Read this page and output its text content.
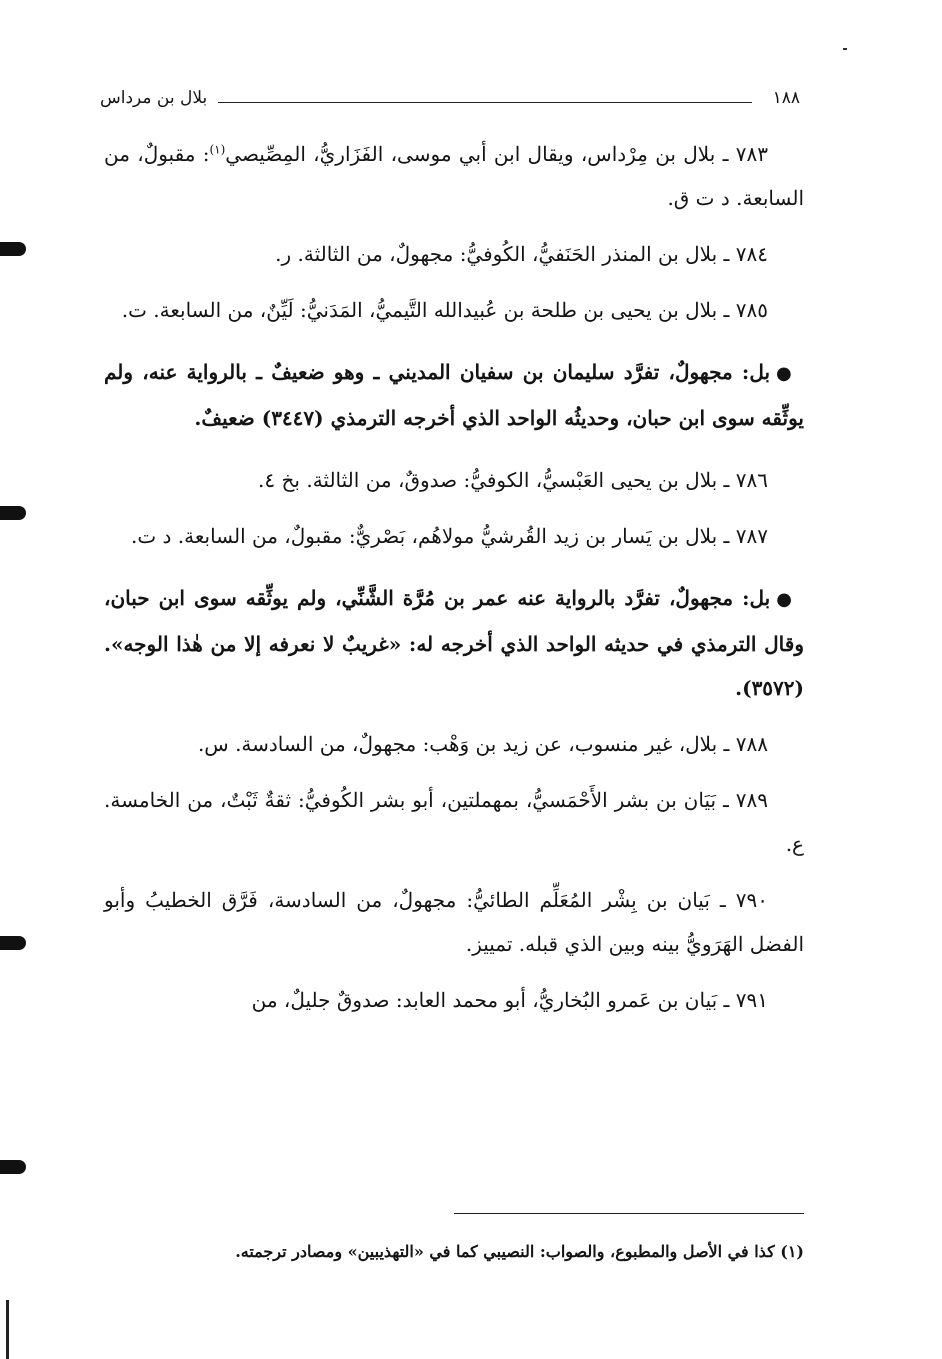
بلال بن مرداس	١٨٨

٧٨٣ ـ بلال بن مِرْداس، ويقال ابن أبي موسى، الفَزَاريُّ، المِصِّيصي$^{(١)}$: مقبولٌ، من السابعة. د ت ق.

٧٨٤ ـ بلال بن المنذر الحَنَفيُّ، الكُوفيُّ: مجهولٌ، من الثالثة. ر.

٧٨٥ ـ بلال بن يحيى بن طلحة بن عُبيدالله التَّيميُّ، المَدَنيُّ: لَيِّنٌ، من السابعة. ت.

●بل: مجهولٌ، تفرَّد سليمان بن سفيان المديني ـ وهو ضعيفٌ ـ بالرواية عنه، ولم يوثِّقه سوى ابن حبان، وحديثُه الواحد الذي أخرجه الترمذي (٣٤٤٧) ضعيفٌ.

٧٨٦ ـ بلال بن يحيى العَبْسيُّ، الكوفيُّ: صدوقٌ، من الثالثة. بخ ٤.

٧٨٧ ـ بلال بن يَسار بن زيد القُرشيُّ مولاهُم، بَصْريٌّ: مقبولٌ، من السابعة. د ت.

●بل: مجهولٌ، تفرَّد بالرواية عنه عمر بن مُرَّة الشَّنِّي، ولم يوثِّقه سوى ابن حبان، وقال الترمذي في حديثه الواحد الذي أخرجه له: «غريبٌ لا نعرفه إلا من هٰذا الوجه». (٣٥٧٢).

٧٨٨ ـ بلال، غير منسوب، عن زيد بن وَهْب: مجهولٌ، من السادسة. س.

٧٨٩ ـ بَيَان بن بشر الأَحْمَسيُّ، بمهملتين، أبو بشر الكُوفيُّ: ثقةٌ ثَبْتٌ، من الخامسة. ع.

٧٩٠ ـ بَيان بن بِشْر المُعَلِّم الطائيُّ: مجهولٌ، من السادسة، فَرَّق الخطيبُ وأبو الفضل الهَرَويُّ بينه وبين الذي قبله. تمييز.

٧٩١ ـ بَيان بن عَمرو البُخاريُّ، أبو محمد العابد: صدوقٌ جليلٌ، من

(١) كذا في الأصل والمطبوع، والصواب: النصيبي كما في «التهذيبين» ومصادر ترجمته.
